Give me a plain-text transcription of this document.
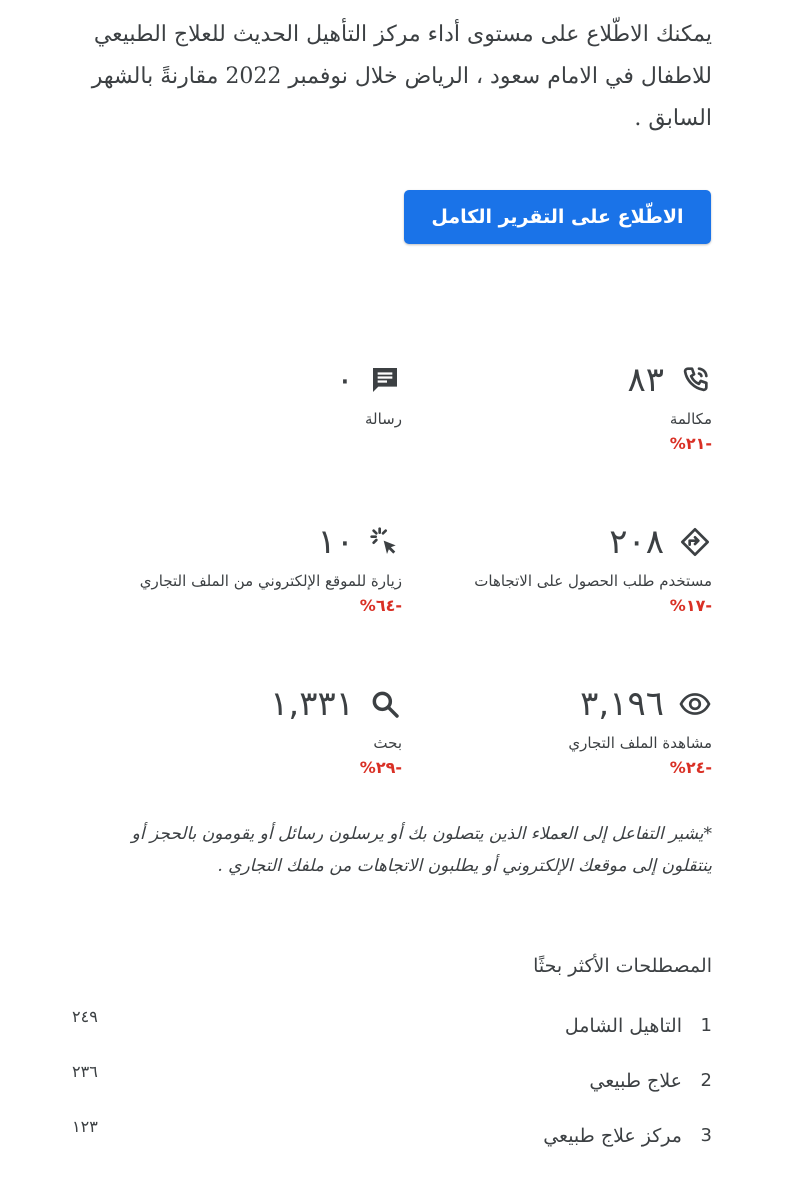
يمكنك الاطّلاع على مستوى أداء مركز التأهيل الحديث للعلاج الطبيعي للاطفال في الامام سعود ، الرياض خلال نوفمبر 2022 مقارنةً بالشهر السابق .

الاطّلاع على التقرير الكامل
٨٣
مكالمة
-٢١%
٠
رسالة
٢٠٨
مستخدم طلب الحصول على الاتجاهات
-١٧%
١٠
زيارة للموقع الإلكتروني من الملف التجاري
-٦٤%
٣,١٩٦
مشاهدة الملف التجاري
-٢٤%
١,٣٣١
بحث
-٢٩%

*يشير التفاعل إلى العملاء الذين يتصلون بك أو يرسلون رسائل أو يقومون بالحجز أو ينتقلون إلى موقعك الإلكتروني أو يطلبون الاتجاهات من ملفك التجاري .

المصطلحات الأكثر بحثًا
1
التاهيل الشامل
٢٤٩
2
علاج طبيعي
٢٣٦
3
مركز علاج طبيعي
١٢٣
